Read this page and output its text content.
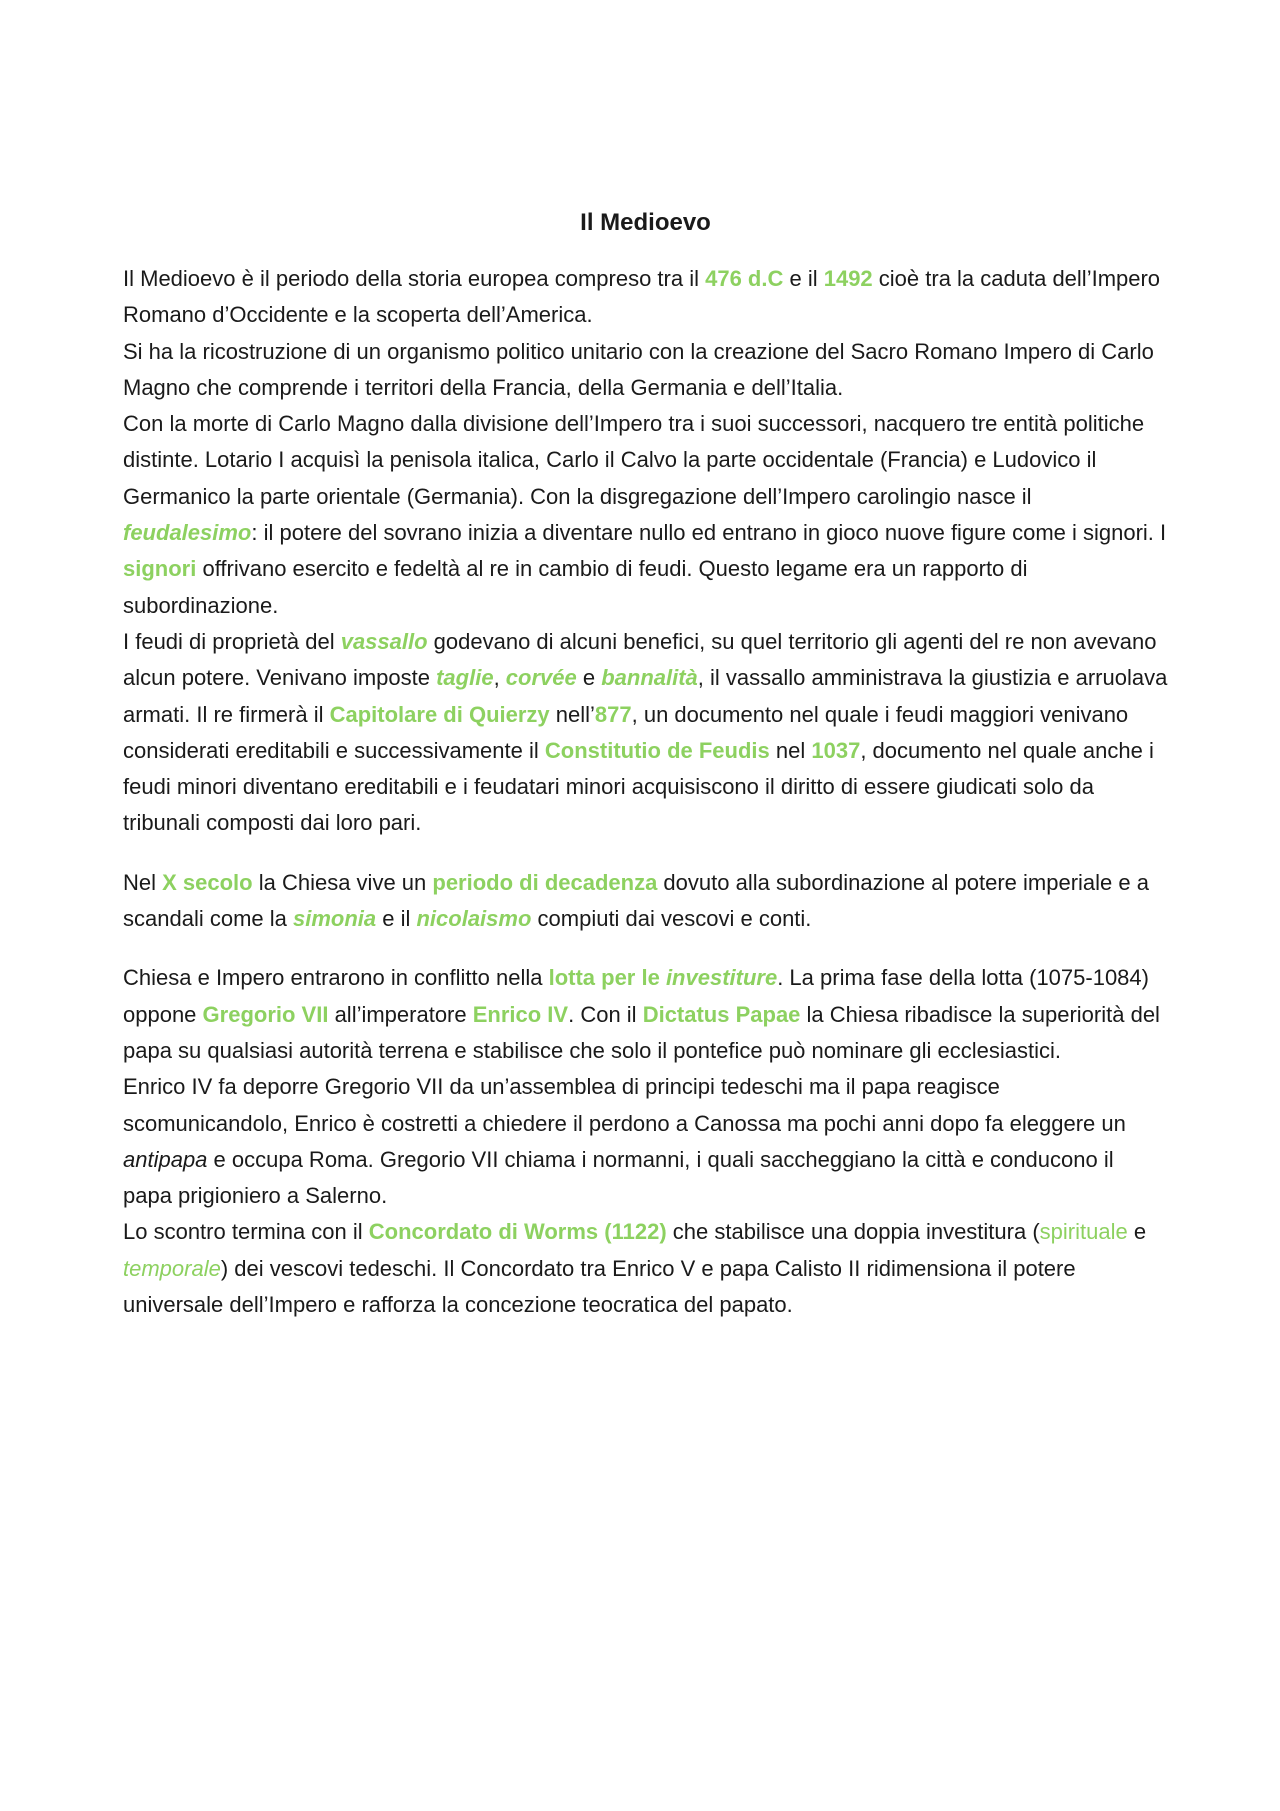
Il Medioevo

Il Medioevo è il periodo della storia europea compreso tra il 476 d.C e il 1492 cioè tra la caduta dell’Impero Romano d’Occidente e la scoperta dell’America.

Si ha la ricostruzione di un organismo politico unitario con la creazione del Sacro Romano Impero di Carlo Magno che comprende i territori della Francia, della Germania e dell’Italia.

Con la morte di Carlo Magno dalla divisione dell’Impero tra i suoi successori, nacquero tre entità politiche distinte. Lotario I acquisì la penisola italica, Carlo il Calvo la parte occidentale (Francia) e Ludovico il Germanico la parte orientale (Germania). Con la disgregazione dell’Impero carolingio nasce il feudalesimo: il potere del sovrano inizia a diventare nullo ed entrano in gioco nuove figure come i signori. I signori offrivano esercito e fedeltà al re in cambio di feudi. Questo legame era un rapporto di subordinazione.

I feudi di proprietà del vassallo godevano di alcuni benefici, su quel territorio gli agenti del re non avevano alcun potere. Venivano imposte taglie, corvée e bannalità, il vassallo amministrava la giustizia e arruolava armati. Il re firmerà il Capitolare di Quierzy nell’877, un documento nel quale i feudi maggiori venivano considerati ereditabili e successivamente il Constitutio de Feudis nel 1037, documento nel quale anche i feudi minori diventano ereditabili e i feudatari minori acquisiscono il diritto di essere giudicati solo da tribunali composti dai loro pari.

Nel X secolo la Chiesa vive un periodo di decadenza dovuto alla subordinazione al potere imperiale e a scandali come la simonia e il nicolaismo compiuti dai vescovi e conti.

Chiesa e Impero entrarono in conflitto nella lotta per le investiture. La prima fase della lotta (1075-1084) oppone Gregorio VII all’imperatore Enrico IV. Con il Dictatus Papae la Chiesa ribadisce la superiorità del papa su qualsiasi autorità terrena e stabilisce che solo il pontefice può nominare gli ecclesiastici.

Enrico IV fa deporre Gregorio VII da un’assemblea di principi tedeschi ma il papa reagisce scomunicandolo, Enrico è costretti a chiedere il perdono a Canossa ma pochi anni dopo fa eleggere un antipapa e occupa Roma. Gregorio VII chiama i normanni, i quali saccheggiano la città e conducono il papa prigioniero a Salerno.

Lo scontro termina con il Concordato di Worms (1122) che stabilisce una doppia investitura (spirituale e temporale) dei vescovi tedeschi. Il Concordato tra Enrico V e papa Calisto II ridimensiona il potere universale dell’Impero e rafforza la concezione teocratica del papato.
